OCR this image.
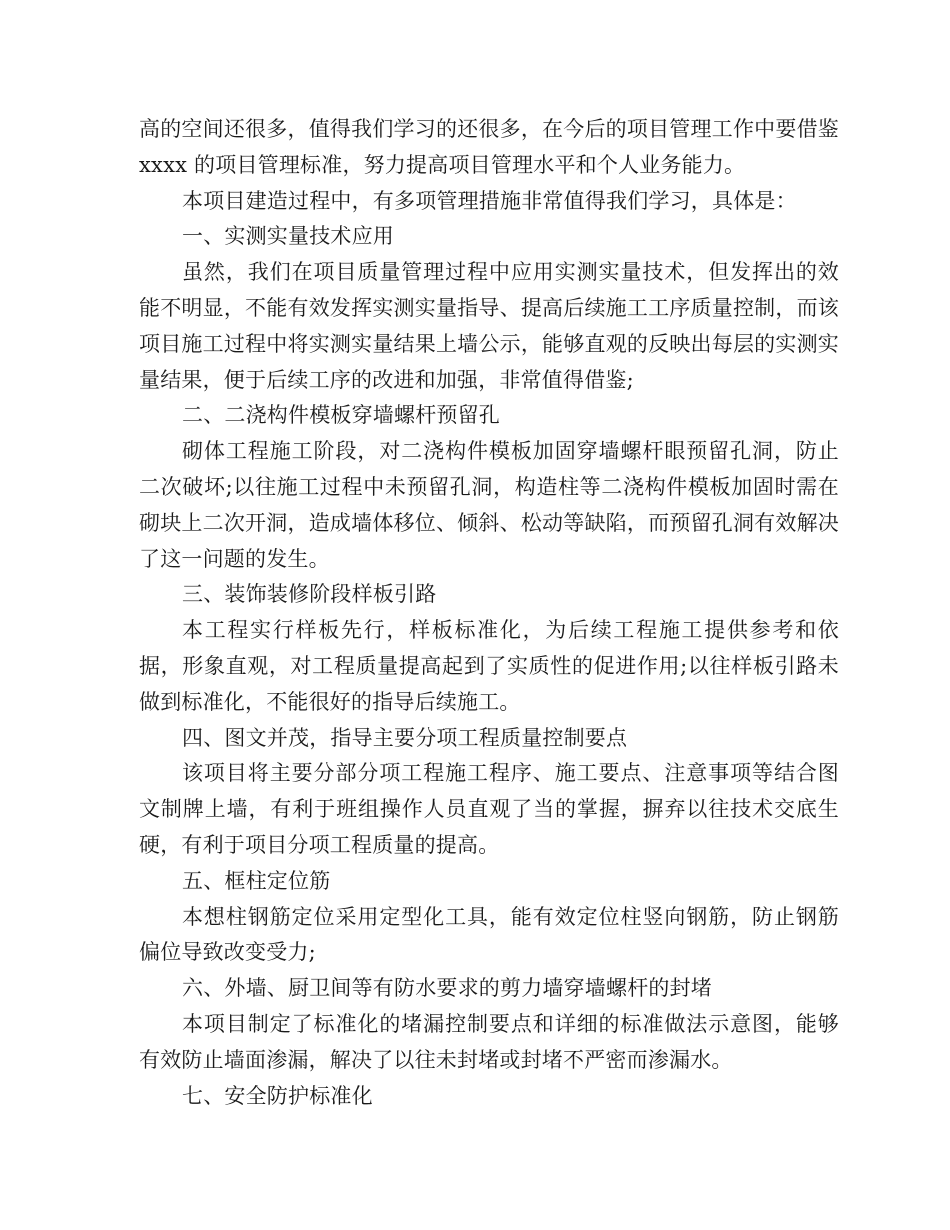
高的空间还很多，值得我们学习的还很多，在今后的项目管理工作中要借鉴 xxxx 的项目管理标准，努力提高项目管理水平和个人业务能力。

本项目建造过程中，有多项管理措施非常值得我们学习，具体是：

一、实测实量技术应用

虽然，我们在项目质量管理过程中应用实测实量技术，但发挥出的效能不明显，不能有效发挥实测实量指导、提高后续施工工序质量控制，而该项目施工过程中将实测实量结果上墙公示，能够直观的反映出每层的实测实量结果，便于后续工序的改进和加强，非常值得借鉴;

二、二浇构件模板穿墙螺杆预留孔

砌体工程施工阶段，对二浇构件模板加固穿墙螺杆眼预留孔洞，防止二次破坏;以往施工过程中未预留孔洞，构造柱等二浇构件模板加固时需在砌块上二次开洞，造成墙体移位、倾斜、松动等缺陷，而预留孔洞有效解决了这一问题的发生。

三、装饰装修阶段样板引路

本工程实行样板先行，样板标准化，为后续工程施工提供参考和依据，形象直观，对工程质量提高起到了实质性的促进作用;以往样板引路未做到标准化，不能很好的指导后续施工。

四、图文并茂，指导主要分项工程质量控制要点

该项目将主要分部分项工程施工程序、施工要点、注意事项等结合图文制牌上墙，有利于班组操作人员直观了当的掌握，摒弃以往技术交底生硬，有利于项目分项工程质量的提高。

五、框柱定位筋

本想柱钢筋定位采用定型化工具，能有效定位柱竖向钢筋，防止钢筋偏位导致改变受力;

六、外墙、厨卫间等有防水要求的剪力墙穿墙螺杆的封堵

本项目制定了标准化的堵漏控制要点和详细的标准做法示意图，能够有效防止墙面渗漏，解决了以往未封堵或封堵不严密而渗漏水。

七、安全防护标准化
